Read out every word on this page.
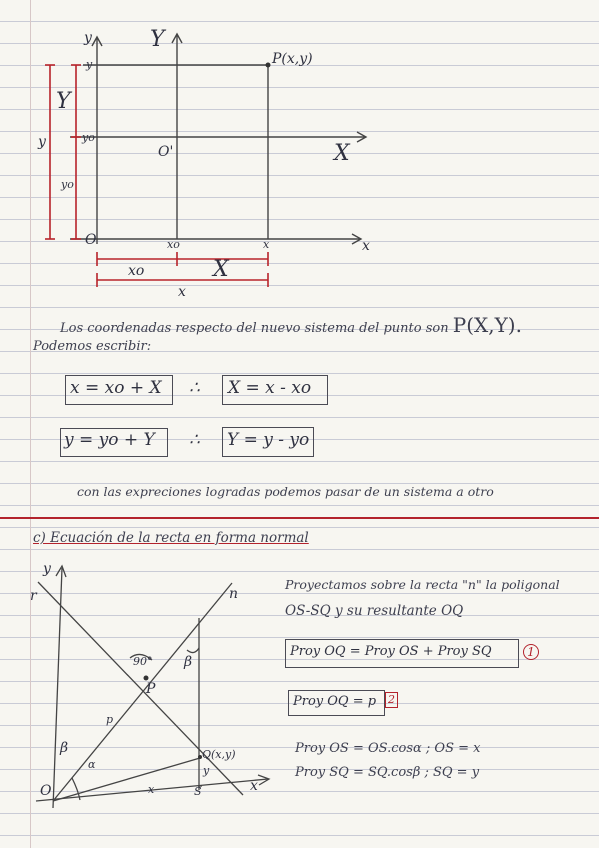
y	Y
P(x,y)
y
yo
O'	X
O	xo	x	x
Y
y
yo
xo	X
x
Los coordenadas respecto del nuevo sistema del punto son P(X,Y).
Podemos escribir:
x = xo + X ∴ X = x - xo
y = yo + Y ∴ Y = y - yo
con las expreciones logradas podemos pasar de un sistema a otro
c) Ecuación de la recta en forma normal
Proyectamos sobre la recta "n" la poligonal
OS-SQ y su resultante OQ
Proy OQ = Proy OS + Proy SQ	1
Proy OQ = p 2
Proy OS = OS.cosα ; OS = x
Proy SQ = SQ.cosβ ; SQ = y
y
r	n
90° β
P
p
β
α
Q(x,y)
O	x	S	x
y
